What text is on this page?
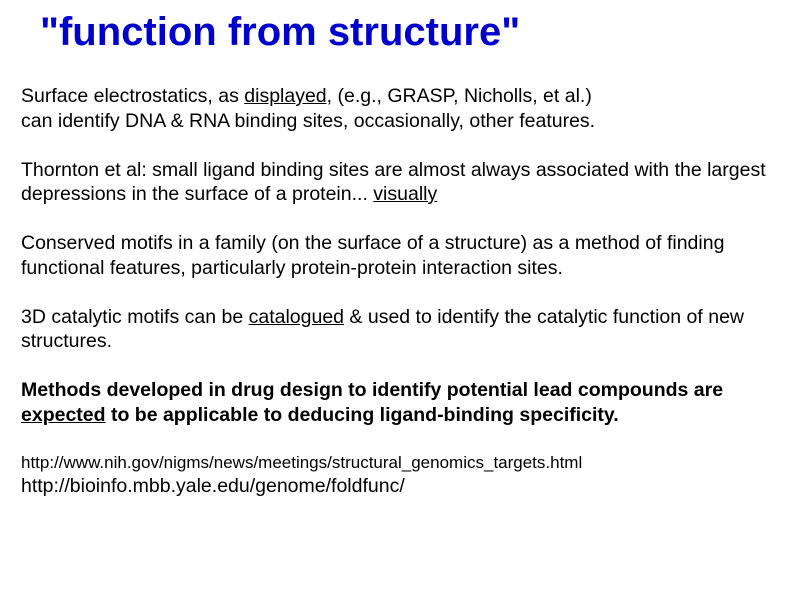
"function from structure"

Surface electrostatics, as displayed, (e.g., GRASP, Nicholls, et al.)
can identify DNA & RNA binding sites, occasionally, other features.

Thornton et al: small ligand binding sites are almost always associated with the largest depressions in the surface of a protein... visually

Conserved motifs in a family (on the surface of a structure) as a method of finding functional features, particularly protein-protein interaction sites.

3D catalytic motifs can be catalogued & used to identify the catalytic function of new structures.

Methods developed in drug design to identify potential lead compounds are expected to be applicable to deducing ligand-binding specificity.

http://www.nih.gov/nigms/news/meetings/structural_genomics_targets.html
http://bioinfo.mbb.yale.edu/genome/foldfunc/
